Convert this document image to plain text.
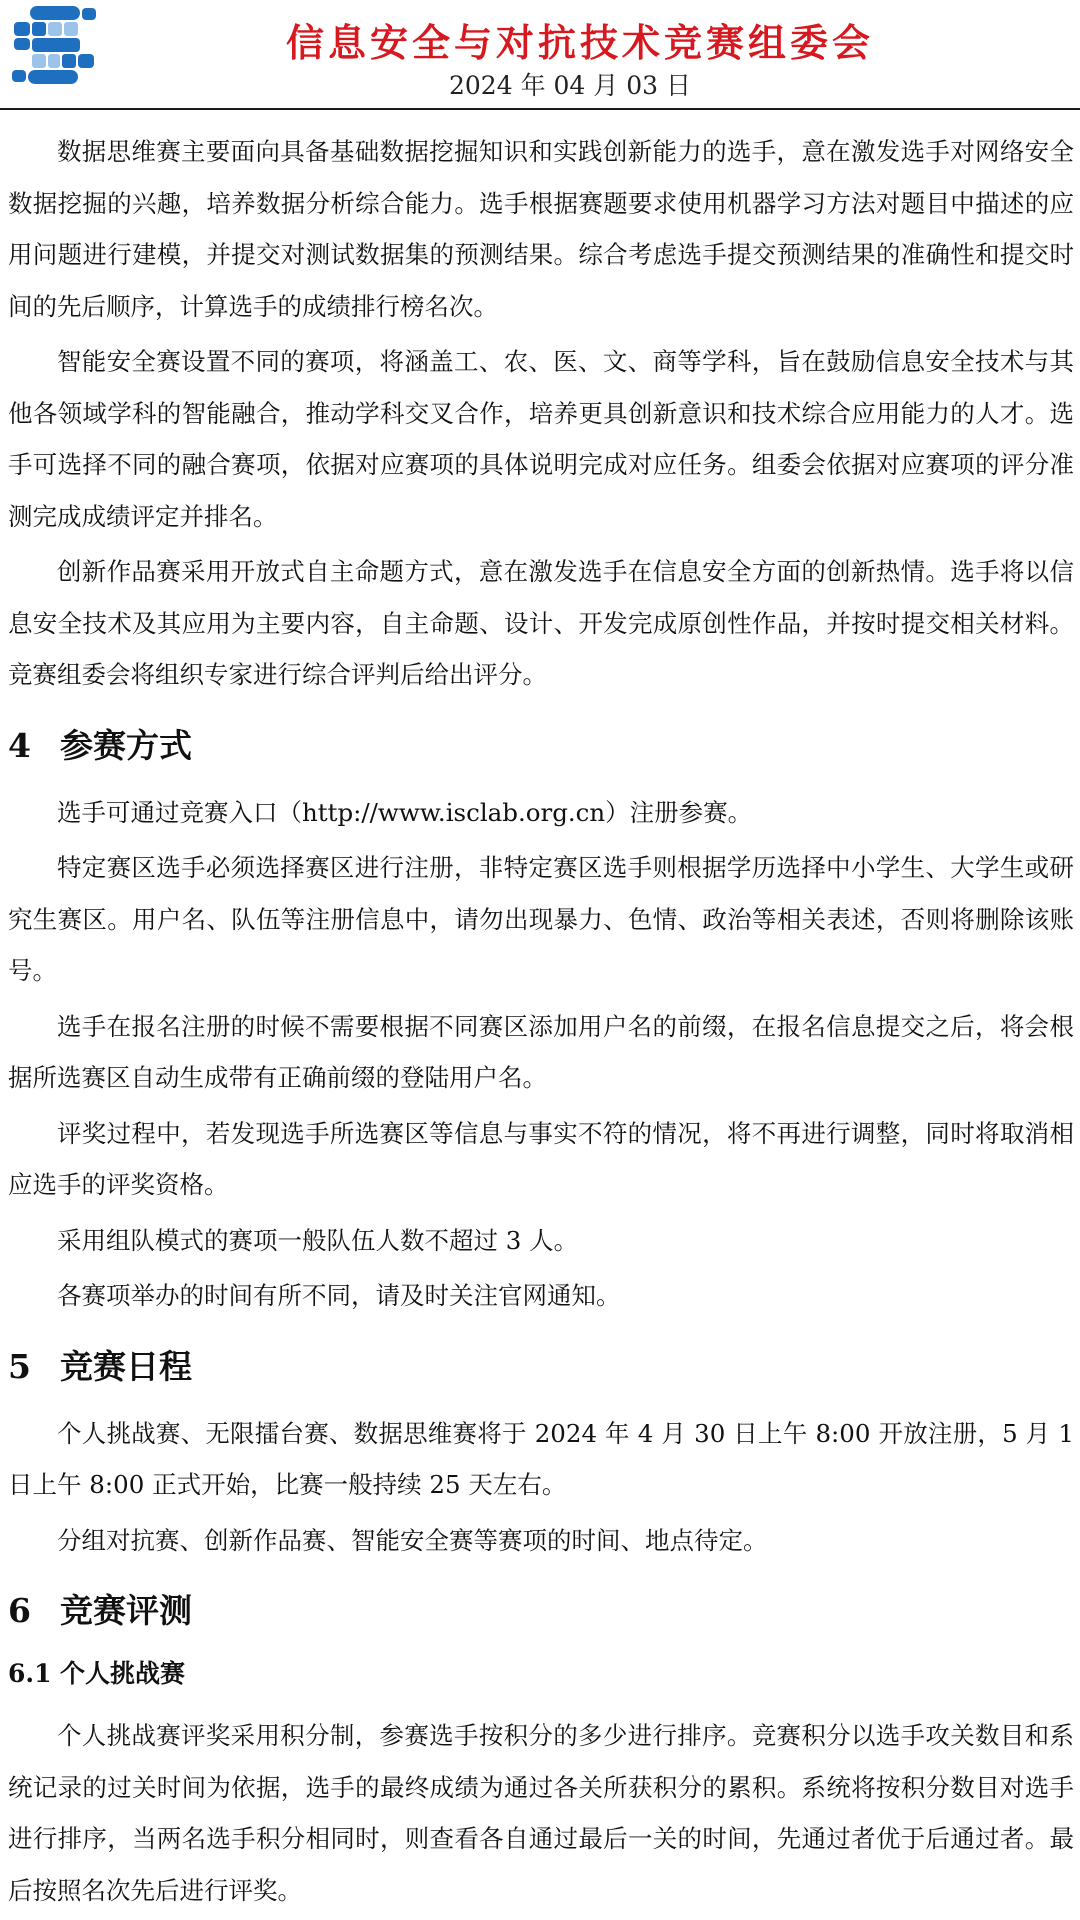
信息安全与对抗技术竞赛组委会
2024 年 04 月 03 日

数据思维赛主要面向具备基础数据挖掘知识和实践创新能力的选手，意在激发选手对网络安全数据挖掘的兴趣，培养数据分析综合能力。选手根据赛题要求使用机器学习方法对题目中描述的应用问题进行建模，并提交对测试数据集的预测结果。综合考虑选手提交预测结果的准确性和提交时间的先后顺序，计算选手的成绩排行榜名次。

智能安全赛设置不同的赛项，将涵盖工、农、医、文、商等学科，旨在鼓励信息安全技术与其他各领域学科的智能融合，推动学科交叉合作，培养更具创新意识和技术综合应用能力的人才。选手可选择不同的融合赛项，依据对应赛项的具体说明完成对应任务。组委会依据对应赛项的评分准测完成成绩评定并排名。

创新作品赛采用开放式自主命题方式，意在激发选手在信息安全方面的创新热情。选手将以信息安全技术及其应用为主要内容，自主命题、设计、开发完成原创性作品，并按时提交相关材料。竞赛组委会将组织专家进行综合评判后给出评分。

4 参赛方式

选手可通过竞赛入口（http://www.isclab.org.cn）注册参赛。

特定赛区选手必须选择赛区进行注册，非特定赛区选手则根据学历选择中小学生、大学生或研究生赛区。用户名、队伍等注册信息中，请勿出现暴力、色情、政治等相关表述，否则将删除该账号。

选手在报名注册的时候不需要根据不同赛区添加用户名的前缀，在报名信息提交之后，将会根据所选赛区自动生成带有正确前缀的登陆用户名。

评奖过程中，若发现选手所选赛区等信息与事实不符的情况，将不再进行调整，同时将取消相应选手的评奖资格。

采用组队模式的赛项一般队伍人数不超过 3 人。

各赛项举办的时间有所不同，请及时关注官网通知。

5 竞赛日程

个人挑战赛、无限擂台赛、数据思维赛将于 2024 年 4 月 30 日上午 8:00 开放注册，5 月 1 日上午 8:00 正式开始，比赛一般持续 25 天左右。

分组对抗赛、创新作品赛、智能安全赛等赛项的时间、地点待定。

6 竞赛评测
6.1 个人挑战赛

个人挑战赛评奖采用积分制，参赛选手按积分的多少进行排序。竞赛积分以选手攻关数目和系统记录的过关时间为依据，选手的最终成绩为通过各关所获积分的累积。系统将按积分数目对选手进行排序，当两名选手积分相同时，则查看各自通过最后一关的时间，先通过者优于后通过者。最后按照名次先后进行评奖。
